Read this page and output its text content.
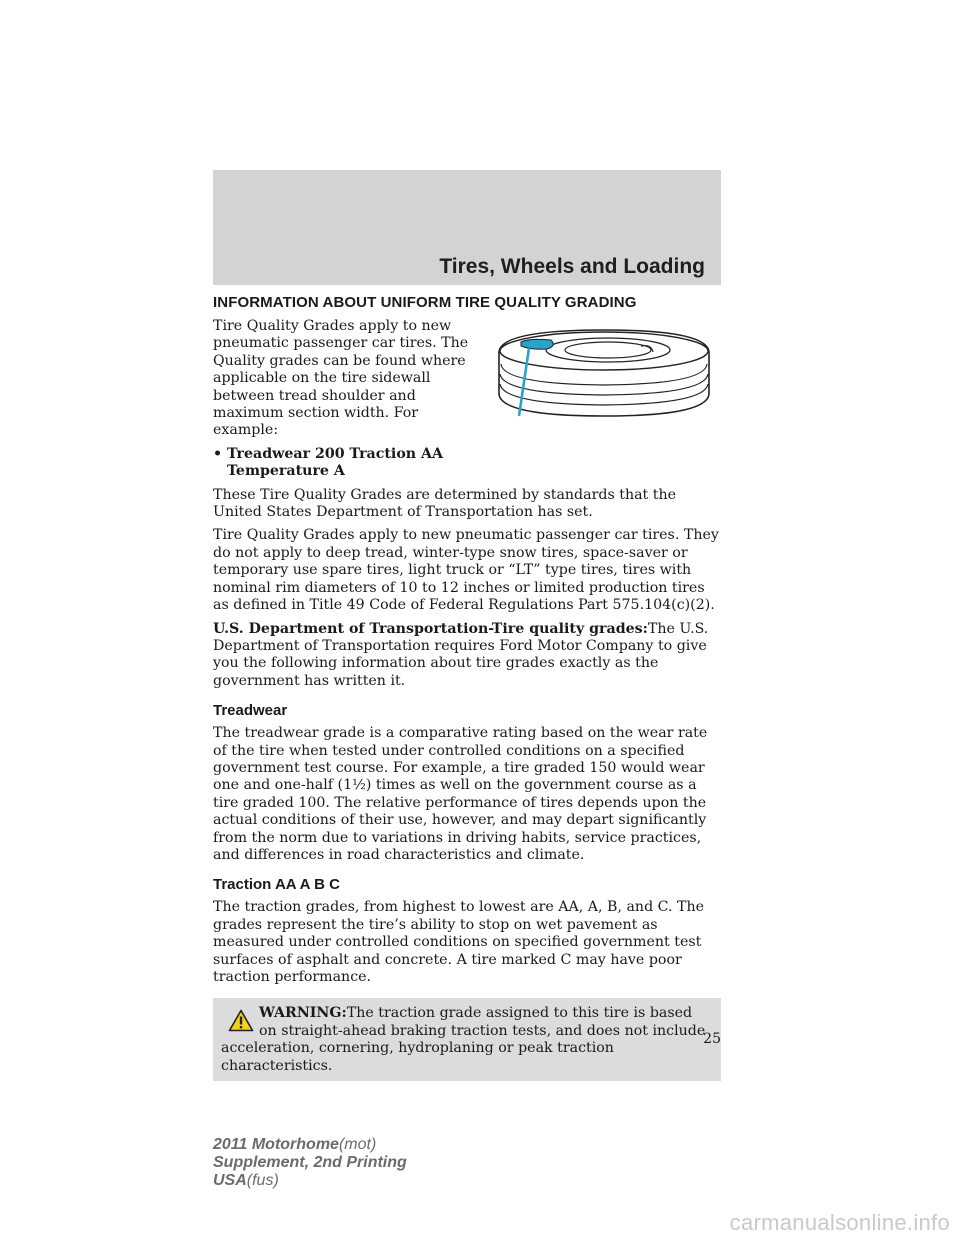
Tires, Wheels and Loading
INFORMATION ABOUT UNIFORM TIRE QUALITY GRADING

Tire Quality Grades apply to new pneumatic passenger car tires. The Quality grades can be found where applicable on the tire sidewall between tread shoulder and maximum section width. For example:

• Treadwear 200 Traction AA Temperature A

These Tire Quality Grades are determined by standards that the United States Department of Transportation has set.

Tire Quality Grades apply to new pneumatic passenger car tires. They do not apply to deep tread, winter-type snow tires, space-saver or temporary use spare tires, light truck or “LT” type tires, tires with nominal rim diameters of 10 to 12 inches or limited production tires as defined in Title 49 Code of Federal Regulations Part 575.104(c)(2).

U.S. Department of Transportation-Tire quality grades:The U.S. Department of Transportation requires Ford Motor Company to give you the following information about tire grades exactly as the government has written it.

Treadwear

The treadwear grade is a comparative rating based on the wear rate of the tire when tested under controlled conditions on a specified government test course. For example, a tire graded 150 would wear one and one-half (1½) times as well on the government course as a tire graded 100. The relative performance of tires depends upon the actual conditions of their use, however, and may depart significantly from the norm due to variations in driving habits, service practices, and differences in road characteristics and climate.

Traction AA A B C

The traction grades, from highest to lowest are AA, A, B, and C. The grades represent the tire’s ability to stop on wet pavement as measured under controlled conditions on specified government test surfaces of asphalt and concrete. A tire marked C may have poor traction performance.

WARNING:The traction grade assigned to this tire is based on straight-ahead braking traction tests, and does not include

acceleration, cornering, hydroplaning or peak traction characteristics.

25
2011 Motorhome(mot)
Supplement, 2nd Printing
USA(fus)
carmanualsonline.info
